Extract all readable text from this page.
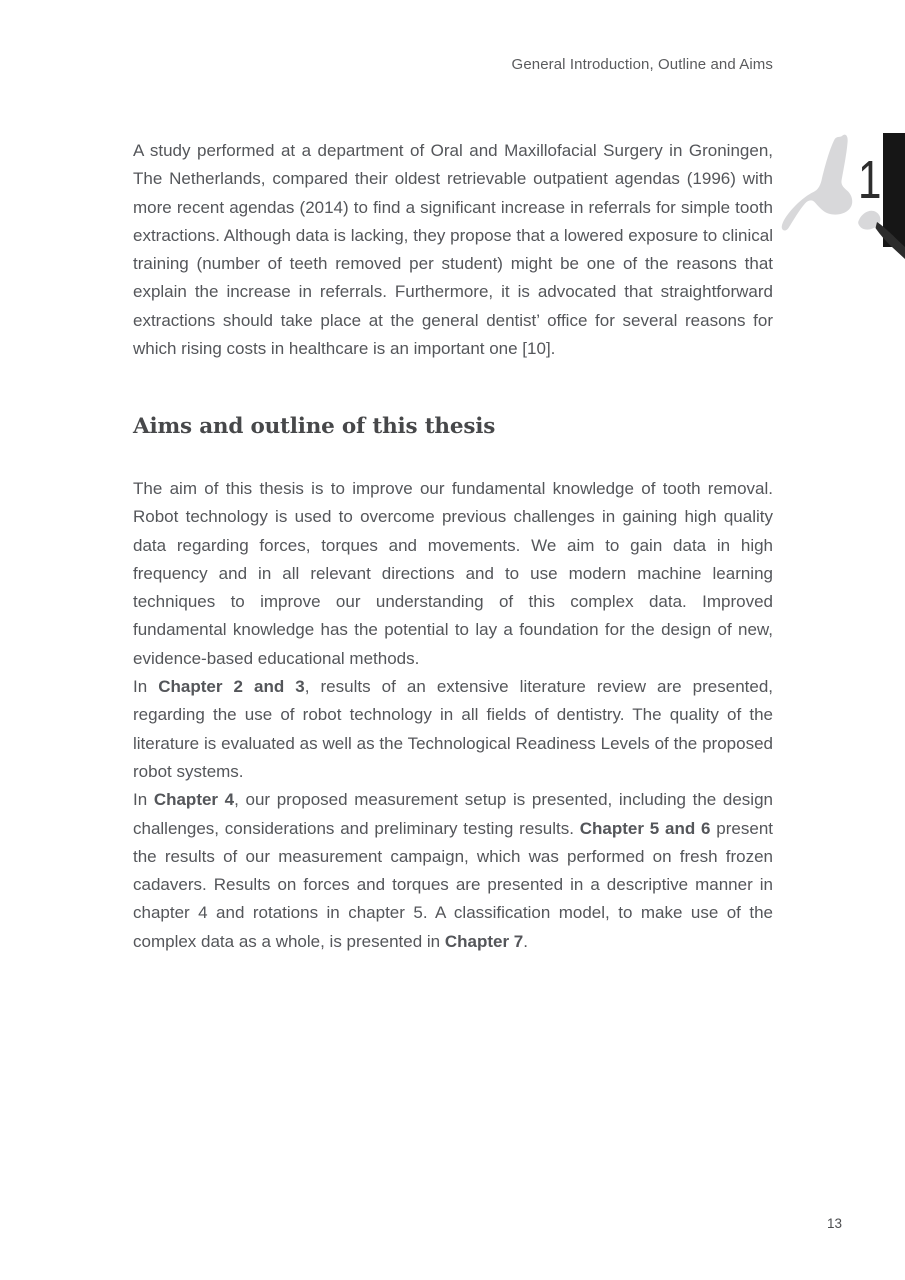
General Introduction, Outline and Aims
1

A study performed at a department of Oral and Maxillofacial Surgery in Groningen, The Netherlands, compared their oldest retrievable outpatient agendas (1996) with more recent agendas (2014) to find a significant increase in referrals for simple tooth extractions. Although data is lacking, they propose that a lowered exposure to clinical training (number of teeth removed per student) might be one of the reasons that explain the increase in referrals. Furthermore, it is advocated that straightforward extractions should take place at the general dentist’ office for several reasons for which rising costs in healthcare is an important one [10].

Aims and outline of this thesis

The aim of this thesis is to improve our fundamental knowledge of tooth removal. Robot technology is used to overcome previous challenges in gaining high quality data regarding forces, torques and movements. We aim to gain data in high frequency and in all relevant directions and to use modern machine learning techniques to improve our understanding of this complex data. Improved fundamental knowledge has the potential to lay a foundation for the design of new, evidence-based educational methods.

In Chapter 2 and 3, results of an extensive literature review are presented, regarding the use of robot technology in all fields of dentistry. The quality of the literature is evaluated as well as the Technological Readiness Levels of the proposed robot systems.

In Chapter 4, our proposed measurement setup is presented, including the design challenges, considerations and preliminary testing results. Chapter 5 and 6 present the results of our measurement campaign, which was performed on fresh frozen cadavers. Results on forces and torques are presented in a descriptive manner in chapter 4 and rotations in chapter 5. A classification model, to make use of the complex data as a whole, is presented in Chapter 7.

13
